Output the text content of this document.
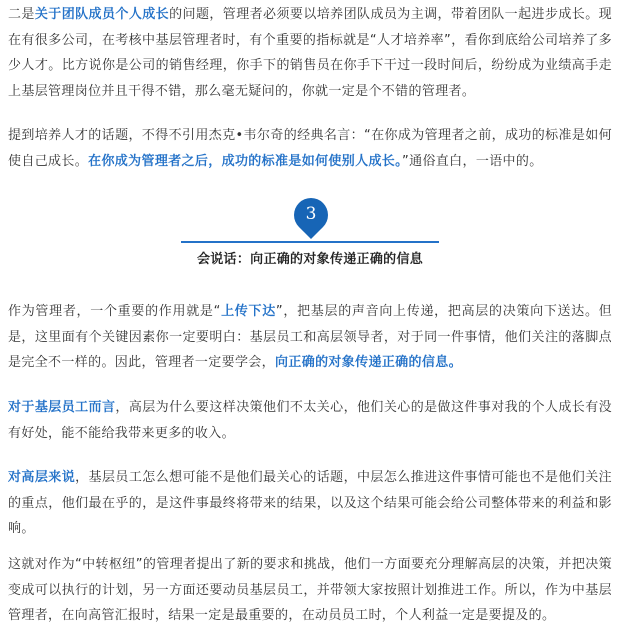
二是关于团队成员个人成长的问题，管理者必须要以培养团队成员为主调，带着团队一起进步成长。现在有很多公司，在考核中基层管理者时，有个重要的指标就是“人才培养率”，看你到底给公司培养了多少人才。比方说你是公司的销售经理，你手下的销售员在你手下干过一段时间后，纷纷成为业绩高手走上基层管理岗位并且干得不错，那么毫无疑问的，你就一定是个不错的管理者。

提到培养人才的话题，不得不引用杰克•韦尔奇的经典名言：“在你成为管理者之前，成功的标准是如何使自己成长。在你成为管理者之后，成功的标准是如何使别人成长。”通俗直白，一语中的。

3
会说话：向正确的对象传递正确的信息

作为管理者，一个重要的作用就是“上传下达”，把基层的声音向上传递，把高层的决策向下送达。但是，这里面有个关键因素你一定要明白：基层员工和高层领导者，对于同一件事情，他们关注的落脚点是完全不一样的。因此，管理者一定要学会，向正确的对象传递正确的信息。

对于基层员工而言，高层为什么要这样决策他们不太关心，他们关心的是做这件事对我的个人成长有没有好处，能不能给我带来更多的收入。

对高层来说，基层员工怎么想可能不是他们最关心的话题，中层怎么推进这件事情可能也不是他们关注的重点，他们最在乎的，是这件事最终将带来的结果，以及这个结果可能会给公司整体带来的利益和影响。

这就对作为“中转枢纽”的管理者提出了新的要求和挑战，他们一方面要充分理解高层的决策，并把决策变成可以执行的计划，另一方面还要动员基层员工，并带领大家按照计划推进工作。所以，作为中基层管理者，在向高管汇报时，结果一定是最重要的，在动员员工时，个人利益一定是要提及的。
